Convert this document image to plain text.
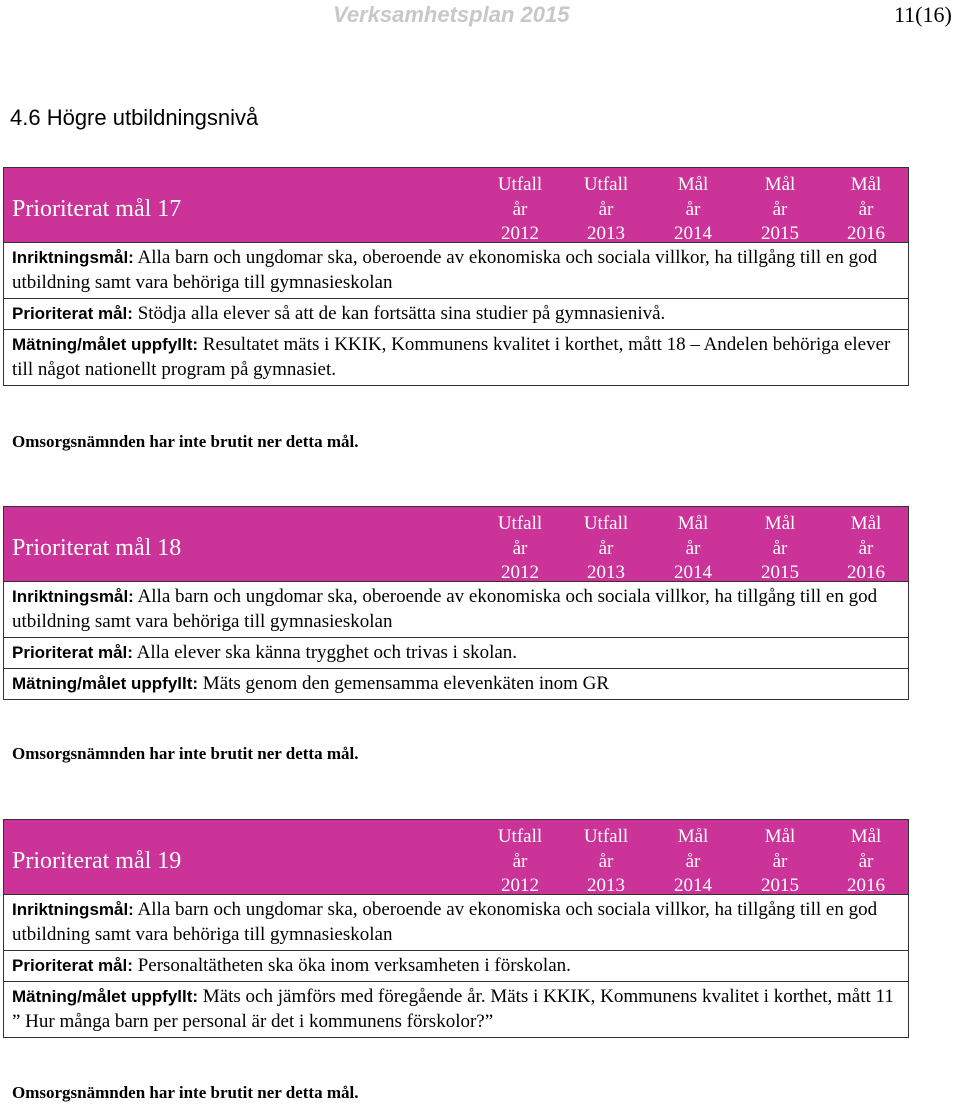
Verksamhetsplan 2015	11(16)
4.6 Högre utbildningsnivå
Prioriterat mål 17
Utfall
år
2012
Utfall
år
2013
Mål
år
2014
Mål
år
2015
Mål
år
2016
Inriktningsmål: Alla barn och ungdomar ska, oberoende av ekonomiska och sociala villkor, ha tillgång till en god utbildning samt vara behöriga till gymnasieskolan
Prioriterat mål: Stödja alla elever så att de kan fortsätta sina studier på gymnasienivå.
Mätning/målet uppfyllt: Resultatet mäts i KKIK, Kommunens kvalitet i korthet, mått 18 – Andelen behöriga elever till något nationellt program på gymnasiet.
Omsorgsnämnden har inte brutit ner detta mål.
Prioriterat mål 18
Utfall
år
2012
Utfall
år
2013
Mål
år
2014
Mål
år
2015
Mål
år
2016
Inriktningsmål: Alla barn och ungdomar ska, oberoende av ekonomiska och sociala villkor, ha tillgång till en god utbildning samt vara behöriga till gymnasieskolan
Prioriterat mål: Alla elever ska känna trygghet och trivas i skolan.
Mätning/målet uppfyllt: Mäts genom den gemensamma elevenkäten inom GR
Omsorgsnämnden har inte brutit ner detta mål.
Prioriterat mål 19
Utfall
år
2012
Utfall
år
2013
Mål
år
2014
Mål
år
2015
Mål
år
2016
Inriktningsmål: Alla barn och ungdomar ska, oberoende av ekonomiska och sociala villkor, ha tillgång till en god utbildning samt vara behöriga till gymnasieskolan
Prioriterat mål: Personaltätheten ska öka inom verksamheten i förskolan.
Mätning/målet uppfyllt: Mäts och jämförs med föregående år. Mäts i KKIK, Kommunens kvalitet i korthet, mått 11 ” Hur många barn per personal är det i kommunens förskolor?”
Omsorgsnämnden har inte brutit ner detta mål.
